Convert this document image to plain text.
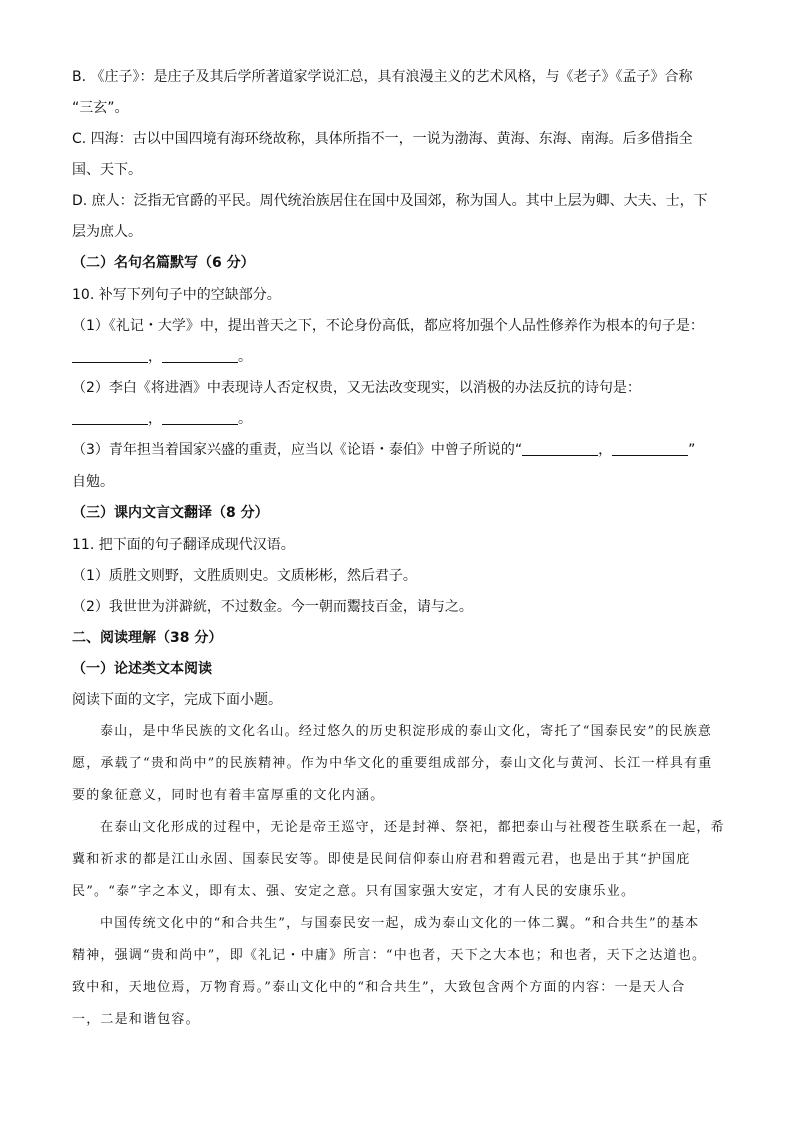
B. 《庄子》：是庄子及其后学所著道家学说汇总，具有浪漫主义的艺术风格，与《老子》《孟子》合称
“三玄”。
C. 四海：古以中国四境有海环绕故称，具体所指不一，一说为渤海、黄海、东海、南海。后多借指全
国、天下。
D. 庶人：泛指无官爵的平民。周代统治族居住在国中及国郊，称为国人。其中上层为卿、大夫、士，下
层为庶人。
（二）名句名篇默写（6 分）
10. 补写下列句子中的空缺部分。
（1）《礼记・大学》中，提出普天之下，不论身份高低，都应将加强个人品性修养作为根本的句子是：
，	。
（2）李白《将进酒》中表现诗人否定权贵，又无法改变现实，以消极的办法反抗的诗句是：
，	。
（3）青年担当着国家兴盛的重责，应当以《论语・泰伯》中曾子所说的“	，	”
自勉。
（三）课内文言文翻译（8 分）
11. 把下面的句子翻译成现代汉语。
（1）质胜文则野，文胜质则史。文质彬彬，然后君子。
（2）我世世为洴澼絖，不过数金。今一朝而鬻技百金，请与之。
二、阅读理解（38 分）
（一）论述类文本阅读
阅读下面的文字，完成下面小题。
泰山，是中华民族的文化名山。经过悠久的历史积淀形成的泰山文化，寄托了“国泰民安”的民族意
愿，承载了“贵和尚中”的民族精神。作为中华文化的重要组成部分，泰山文化与黄河、长江一样具有重
要的象征意义，同时也有着丰富厚重的文化内涵。
在泰山文化形成的过程中，无论是帝王巡守，还是封禅、祭祀，都把泰山与社稷苍生联系在一起，希
冀和祈求的都是江山永固、国泰民安等。即使是民间信仰泰山府君和碧霞元君，也是出于其“护国庇
民”。“泰”字之本义，即有太、强、安定之意。只有国家强大安定，才有人民的安康乐业。
中国传统文化中的“和合共生”，与国泰民安一起，成为泰山文化的一体二翼。“和合共生”的基本
精神，强调“贵和尚中”，即《礼记・中庸》所言：“中也者，天下之大本也；和也者，天下之达道也。
致中和，天地位焉，万物育焉。”泰山文化中的“和合共生”，大致包含两个方面的内容：一是天人合
一，二是和谐包容。
